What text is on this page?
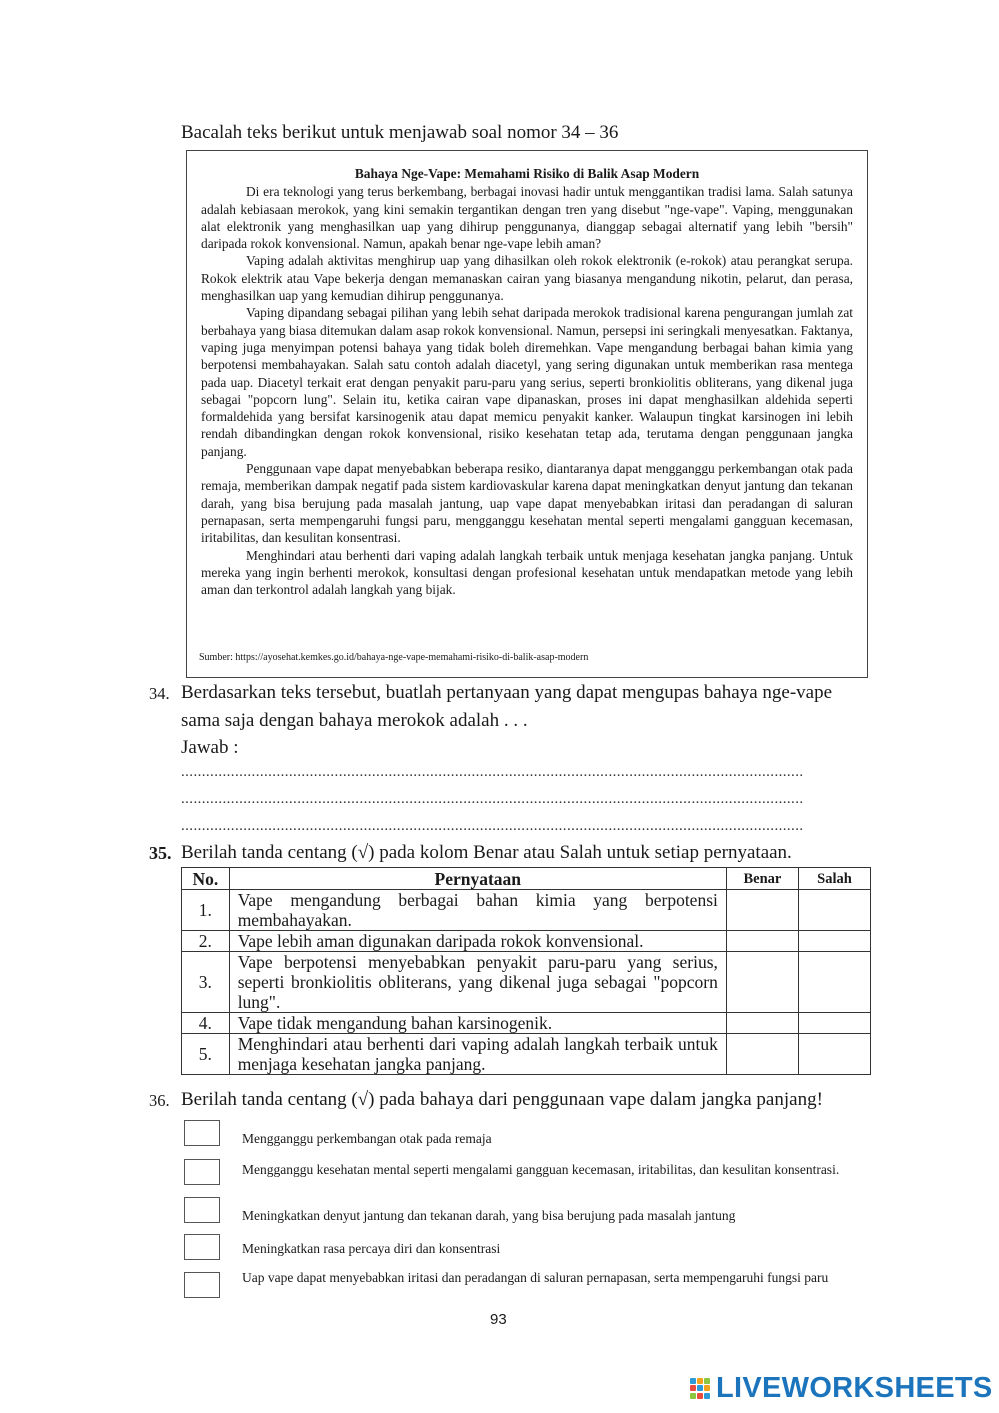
Bacalah teks berikut untuk menjawab soal nomor 34 – 36
Bahaya Nge-Vape: Memahami Risiko di Balik Asap Modern

Di era teknologi yang terus berkembang, berbagai inovasi hadir untuk menggantikan tradisi lama. Salah satunya adalah kebiasaan merokok, yang kini semakin tergantikan dengan tren yang disebut "nge-vape". Vaping, menggunakan alat elektronik yang menghasilkan uap yang dihirup penggunanya, dianggap sebagai alternatif yang lebih "bersih" daripada rokok konvensional. Namun, apakah benar nge-vape lebih aman?

Vaping adalah aktivitas menghirup uap yang dihasilkan oleh rokok elektronik (e-rokok) atau perangkat serupa. Rokok elektrik atau Vape bekerja dengan memanaskan cairan yang biasanya mengandung nikotin, pelarut, dan perasa, menghasilkan uap yang kemudian dihirup penggunanya.

Vaping dipandang sebagai pilihan yang lebih sehat daripada merokok tradisional karena pengurangan jumlah zat berbahaya yang biasa ditemukan dalam asap rokok konvensional. Namun, persepsi ini seringkali menyesatkan. Faktanya, vaping juga menyimpan potensi bahaya yang tidak boleh diremehkan. Vape mengandung berbagai bahan kimia yang berpotensi membahayakan. Salah satu contoh adalah diacetyl, yang sering digunakan untuk memberikan rasa mentega pada uap. Diacetyl terkait erat dengan penyakit paru-paru yang serius, seperti bronkiolitis obliterans, yang dikenal juga sebagai "popcorn lung". Selain itu, ketika cairan vape dipanaskan, proses ini dapat menghasilkan aldehida seperti formaldehida yang bersifat karsinogenik atau dapat memicu penyakit kanker. Walaupun tingkat karsinogen ini lebih rendah dibandingkan dengan rokok konvensional, risiko kesehatan tetap ada, terutama dengan penggunaan jangka panjang.

Penggunaan vape dapat menyebabkan beberapa resiko, diantaranya dapat mengganggu perkembangan otak pada remaja, memberikan dampak negatif pada sistem kardiovaskular karena dapat meningkatkan denyut jantung dan tekanan darah, yang bisa berujung pada masalah jantung, uap vape dapat menyebabkan iritasi dan peradangan di saluran pernapasan, serta mempengaruhi fungsi paru, mengganggu kesehatan mental seperti mengalami gangguan kecemasan, iritabilitas, dan kesulitan konsentrasi.

Menghindari atau berhenti dari vaping adalah langkah terbaik untuk menjaga kesehatan jangka panjang. Untuk mereka yang ingin berhenti merokok, konsultasi dengan profesional kesehatan untuk mendapatkan metode yang lebih aman dan terkontrol adalah langkah yang bijak.

Sumber: https://ayosehat.kemkes.go.id/bahaya-nge-vape-memahami-risiko-di-balik-asap-modern
34. Berdasarkan teks tersebut, buatlah pertanyaan yang dapat mengupas bahaya nge-vape
sama saja dengan bahaya merokok adalah . . .
Jawab :
......................................................................................................................................................
......................................................................................................................................................
......................................................................................................................................................
35. Berilah tanda centang (√) pada kolom Benar atau Salah untuk setiap pernyataan.
No.	Pernyataan	Benar	Salah
1.	Vape mengandung berbagai bahan kimia yang berpotensi membahayakan.		
2.	Vape lebih aman digunakan daripada rokok konvensional.		
3.	Vape berpotensi menyebabkan penyakit paru-paru yang serius, seperti bronkiolitis obliterans, yang dikenal juga sebagai "popcorn lung".		
4.	Vape tidak mengandung bahan karsinogenik.		
5.	Menghindari atau berhenti dari vaping adalah langkah terbaik untuk menjaga kesehatan jangka panjang.		
36. Berilah tanda centang (√) pada bahaya dari penggunaan vape dalam jangka panjang!
Mengganggu perkembangan otak pada remaja
Mengganggu kesehatan mental seperti mengalami gangguan kecemasan, iritabilitas, dan kesulitan konsentrasi.
Meningkatkan denyut jantung dan tekanan darah, yang bisa berujung pada masalah jantung
Meningkatkan rasa percaya diri dan konsentrasi
Uap vape dapat menyebabkan iritasi dan peradangan di saluran pernapasan, serta mempengaruhi fungsi paru
93
LIVEWORKSHEETS
